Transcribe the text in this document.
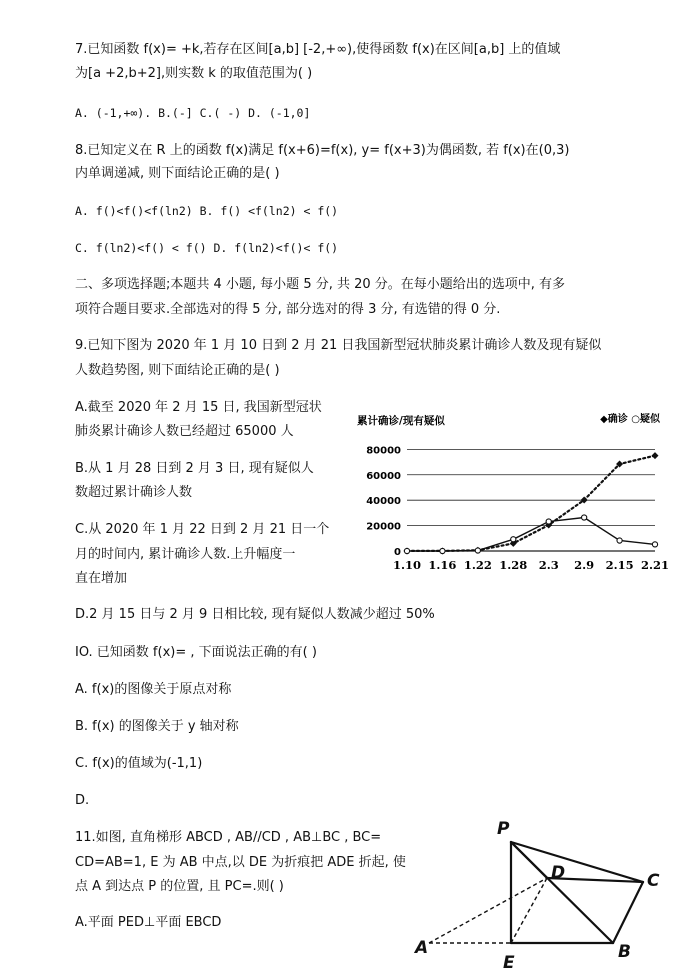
7.已知函数 f(x)= +k,若存在区间[a,b] [-2,+∞),使得函数 f(x)在区间[a,b] 上的值域
为[a +2,b+2],则实数 k 的取值范围为( )
A. (-1,+∞). B.(-] C.( -) D. (-1,0]
8.已知定义在 R 上的函数 f(x)满足 f(x+6)=f(x), y= f(x+3)为偶函数, 若 f(x)在(0,3)
内单调递减, 则下面结论正确的是( )
A. f()<f()<f(ln2) B. f() <f(ln2) < f()
C. f(ln2)<f() < f() D. f(ln2)<f()< f()
二、多项选择题;本题共 4 小题, 每小题 5 分, 共 20 分。在每小题给出的选项中, 有多
项符合题目要求.全部选对的得 5 分, 部分选对的得 3 分, 有选错的得 0 分.
9.已知下图为 2020 年 1 月 10 日到 2 月 21 日我国新型冠状肺炎累计确诊人数及现有疑似
人数趋势图, 则下面结论正确的是( )
A.截至 2020 年 2 月 15 日, 我国新型冠状
肺炎累计确诊人数已经超过 65000 人
B.从 1 月 28 日到 2 月 3 日, 现有疑似人
数超过累计确诊人数
C.从 2020 年 1 月 22 日到 2 月 21 日一个
月的时间内, 累计确诊人数.上升幅度一
直在增加
D.2 月 15 日与 2 月 9 日相比较, 现有疑似人数减少超过 50%
累计确诊/现有疑似	◆确诊 ○疑似
0
20000
40000
60000
80000
1.10 1.16 1.22 1.28 2.3 2.9 2.15 2.21
IO. 已知函数 f(x)= , 下面说法正确的有( )
A. f(x)的图像关于原点对称
B. f(x) 的图像关于 y 轴对称
C. f(x)的值域为(-1,1)
D.
11.如图, 直角梯形 ABCD , AB//CD , AB⊥BC , BC=
CD=AB=1, E 为 AB 中点,以 DE 为折痕把 ADE 折起, 使
点 A 到达点 P 的位置, 且 PC=.则( )
A.平面 PED⊥平面 EBCD
P
D	C
A
E
B
